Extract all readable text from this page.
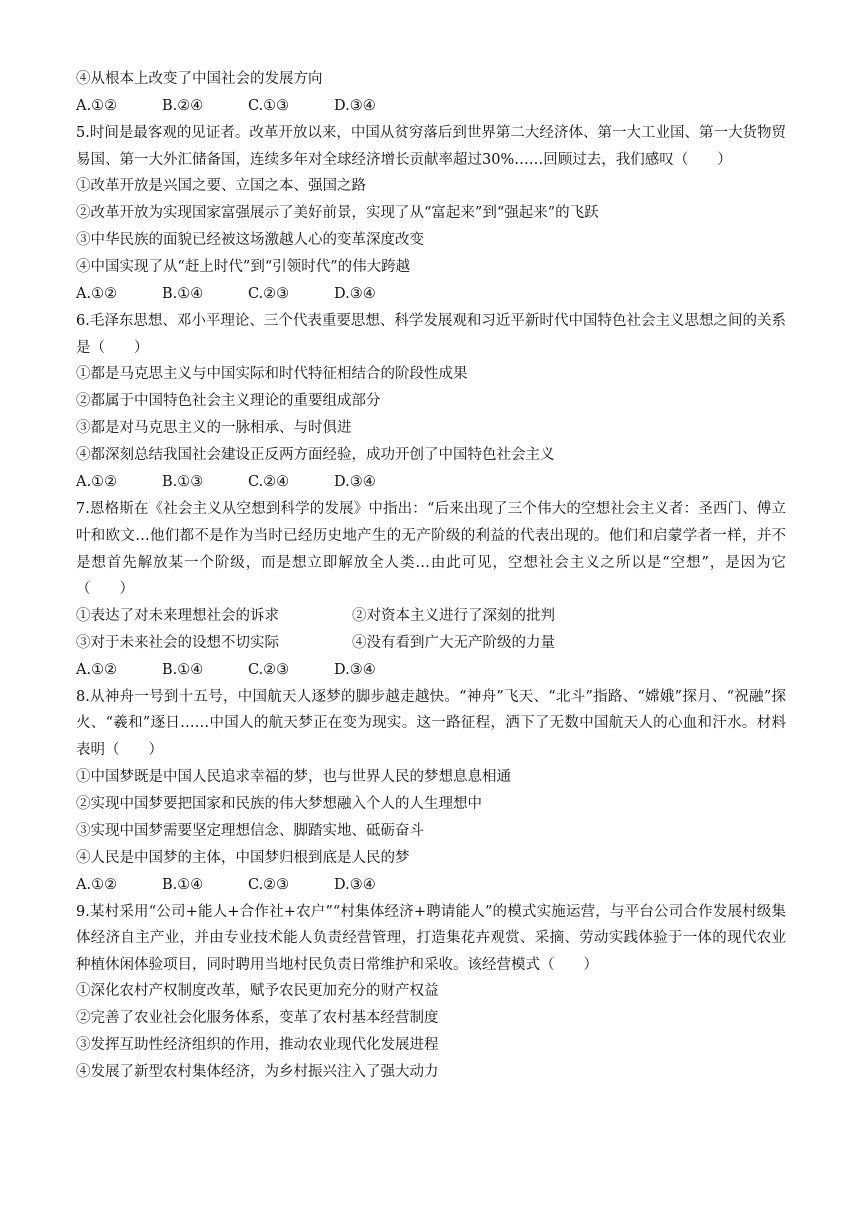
④从根本上改变了中国社会的发展方向
A.①②	B.②④	C.①③	D.③④
5.时间是最客观的见证者。改革开放以来，中国从贫穷落后到世界第二大经济体、第一大工业国、第一大货物贸易国、第一大外汇储备国，连续多年对全球经济增长贡献率超过30%……回顾过去，我们感叹（　　）
①改革开放是兴国之要、立国之本、强国之路
②改革开放为实现国家富强展示了美好前景，实现了从“富起来”到“强起来”的飞跃
③中华民族的面貌已经被这场激越人心的变革深度改变
④中国实现了从“赶上时代”到“引领时代”的伟大跨越
A.①②	B.①④	C.②③	D.③④
6.毛泽东思想、邓小平理论、三个代表重要思想、科学发展观和习近平新时代中国特色社会主义思想之间的关系是（　　）
①都是马克思主义与中国实际和时代特征相结合的阶段性成果
②都属于中国特色社会主义理论的重要组成部分
③都是对马克思主义的一脉相承、与时俱进
④都深刻总结我国社会建设正反两方面经验，成功开创了中国特色社会主义
A.①②	B.①③	C.②④	D.③④
7.恩格斯在《社会主义从空想到科学的发展》中指出：“后来出现了三个伟大的空想社会主义者：圣西门、傅立叶和欧文…他们都不是作为当时已经历史地产生的无产阶级的利益的代表出现的。他们和启蒙学者一样，并不是想首先解放某一个阶级，而是想立即解放全人类…由此可见，空想社会主义之所以是“空想”，是因为它（　　）
①表达了对未来理想社会的诉求	②对资本主义进行了深刻的批判
③对于未来社会的设想不切实际	④没有看到广大无产阶级的力量
A.①②	B.①④	C.②③	D.③④
8.从神舟一号到十五号，中国航天人逐梦的脚步越走越快。“神舟”飞天、“北斗”指路、“嫦娥”探月、“祝融”探火、“羲和”逐日……中国人的航天梦正在变为现实。这一路征程，洒下了无数中国航天人的心血和汗水。材料表明（　　）
①中国梦既是中国人民追求幸福的梦，也与世界人民的梦想息息相通
②实现中国梦要把国家和民族的伟大梦想融入个人的人生理想中
③实现中国梦需要坚定理想信念、脚踏实地、砥砺奋斗
④人民是中国梦的主体，中国梦归根到底是人民的梦
A.①②	B.①④	C.②③	D.③④
9.某村采用“公司+能人+合作社+农户”“村集体经济+聘请能人”的模式实施运营，与平台公司合作发展村级集体经济自主产业，并由专业技术能人负责经营管理，打造集花卉观赏、采摘、劳动实践体验于一体的现代农业种植休闲体验项目，同时聘用当地村民负责日常维护和采收。该经营模式（　　）
①深化农村产权制度改革，赋予农民更加充分的财产权益
②完善了农业社会化服务体系，变革了农村基本经营制度
③发挥互助性经济组织的作用，推动农业现代化发展进程
④发展了新型农村集体经济，为乡村振兴注入了强大动力
